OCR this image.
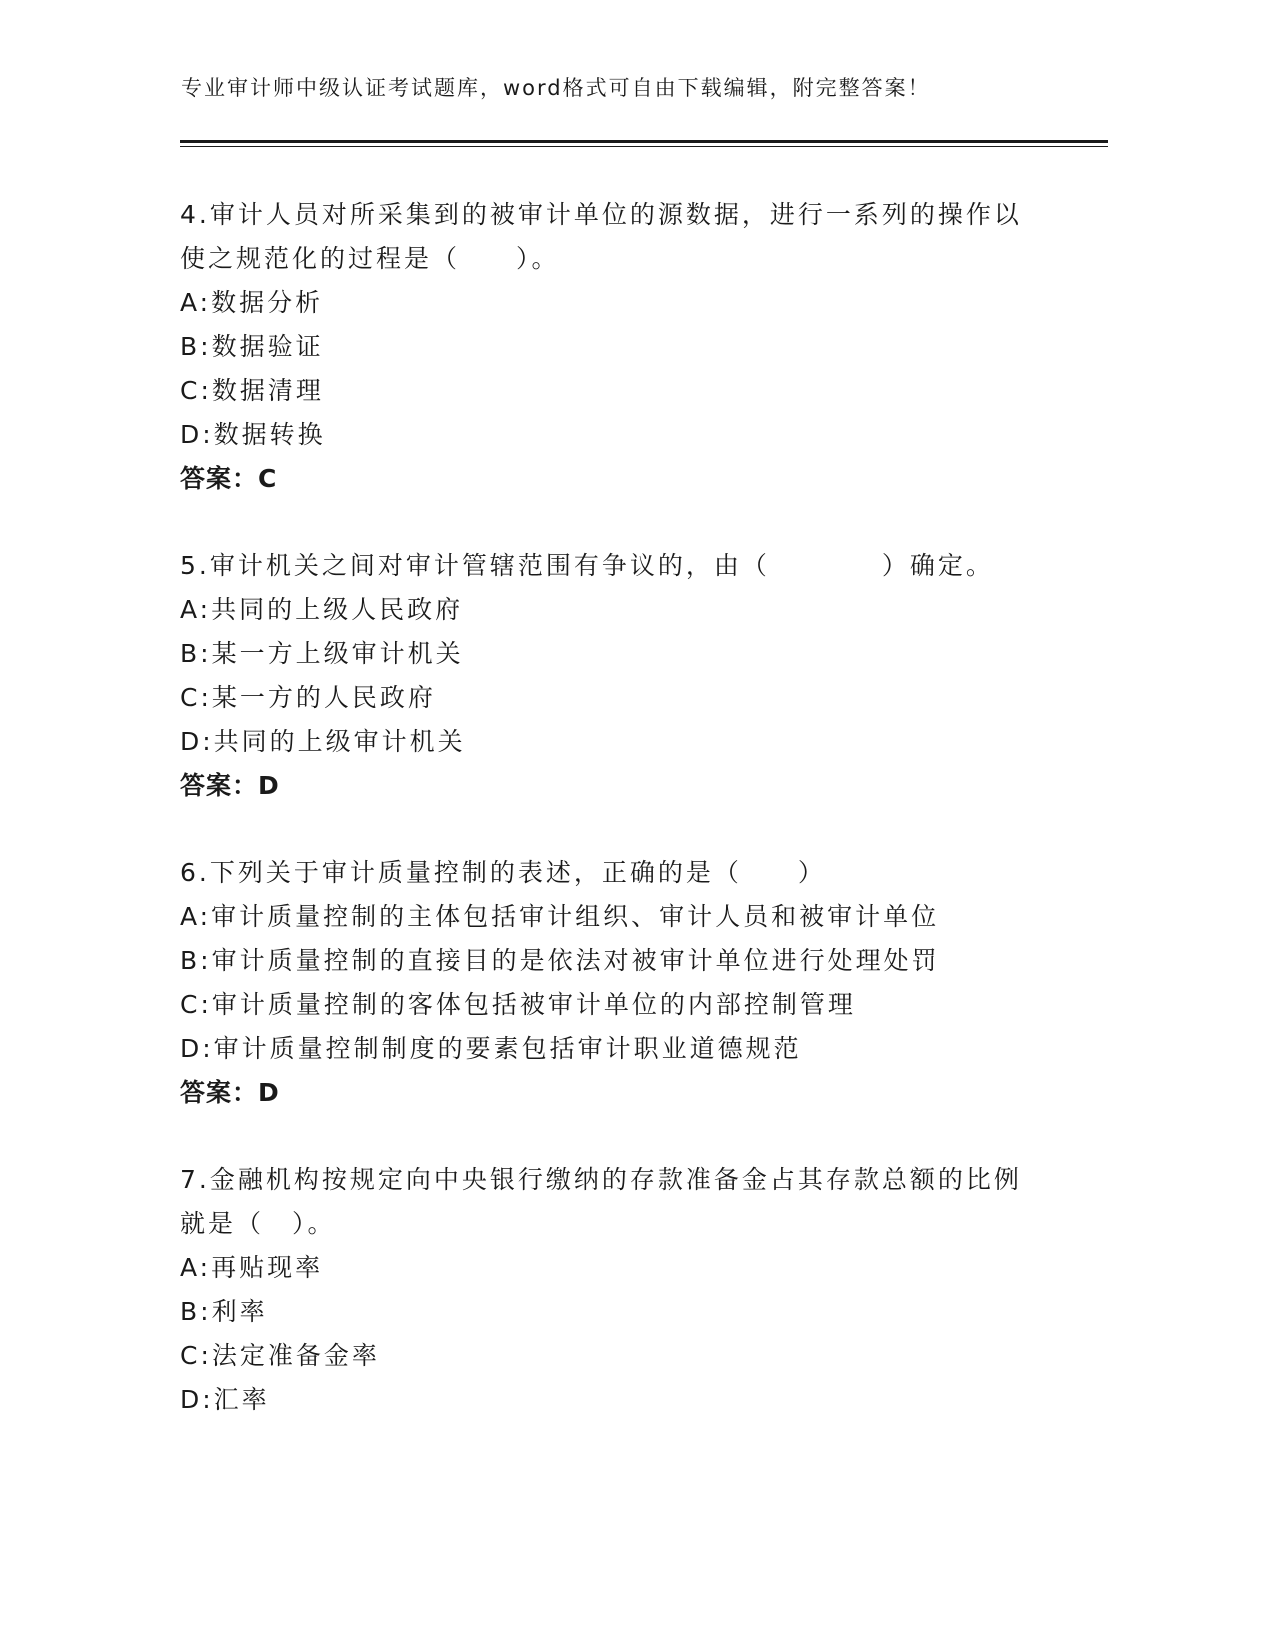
专业审计师中级认证考试题库，word格式可自由下载编辑，附完整答案！
4.审计人员对所采集到的被审计单位的源数据，进行一系列的操作以
使之规范化的过程是（　　）。
A:数据分析
B:数据验证
C:数据清理
D:数据转换
答案：C
5.审计机关之间对审计管辖范围有争议的，由（　　　　）确定。
A:共同的上级人民政府
B:某一方上级审计机关
C:某一方的人民政府
D:共同的上级审计机关
答案：D
6.下列关于审计质量控制的表述，正确的是（　　）
A:审计质量控制的主体包括审计组织、审计人员和被审计单位
B:审计质量控制的直接目的是依法对被审计单位进行处理处罚
C:审计质量控制的客体包括被审计单位的内部控制管理
D:审计质量控制制度的要素包括审计职业道德规范
答案：D
7.金融机构按规定向中央银行缴纳的存款准备金占其存款总额的比例
就是（　）。
A:再贴现率
B:利率
C:法定准备金率
D:汇率
